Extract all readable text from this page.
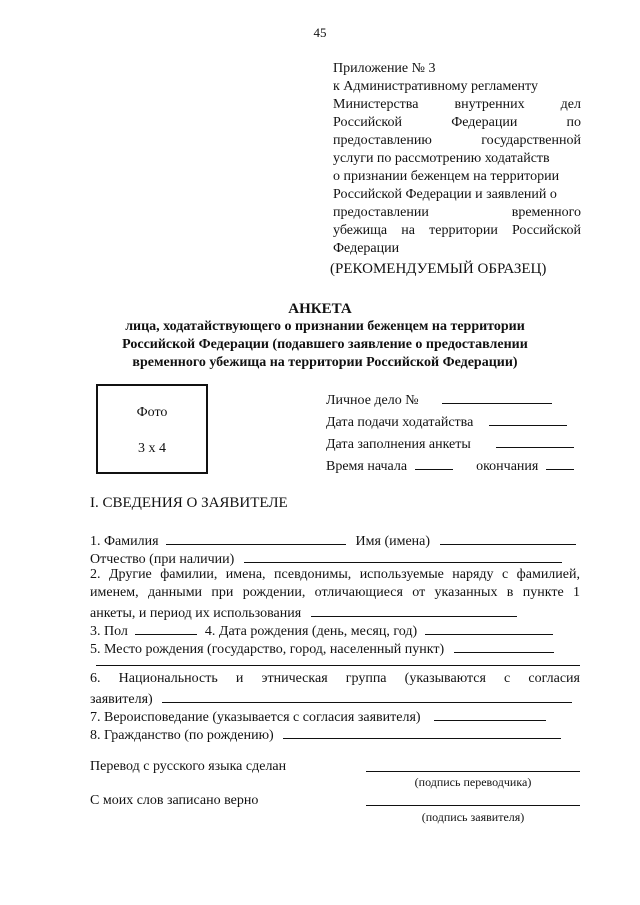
45
Приложение № 3
к Административному регламенту
Министерства внутренних дел
Российской Федерации по
предоставлению государственной
услуги по рассмотрению ходатайств
о признании беженцем на территории
Российской Федерации и заявлений о
предоставлении временного
убежища на территории Российской
Федерации
(РЕКОМЕНДУЕМЫЙ ОБРАЗЕЦ)
АНКЕТА
лица, ходатайствующего о признании беженцем на территории
Российской Федерации (подавшего заявление о предоставлении
временного убежища на территории Российской Федерации)
Фото
3 х 4
Личное дело №
Дата подачи ходатайства
Дата заполнения анкеты
Время начала	окончания
I. СВЕДЕНИЯ О ЗАЯВИТЕЛЕ
1. Фамилия	Имя (имена)
Отчество (при наличии)
2. Другие фамилии, имена, псевдонимы, используемые наряду с фамилией,
именем, данными при рождении, отличающиеся от указанных в пункте 1
анкеты, и период их использования
3. Пол	4. Дата рождения (день, месяц, год)
5. Место рождения (государство, город, населенный пункт)
6. Национальность и этническая группа (указываются с согласия
заявителя)
7. Вероисповедание (указывается с согласия заявителя)
8. Гражданство (по рождению)
Перевод с русского языка сделан
(подпись переводчика)
С моих слов записано верно
(подпись заявителя)
